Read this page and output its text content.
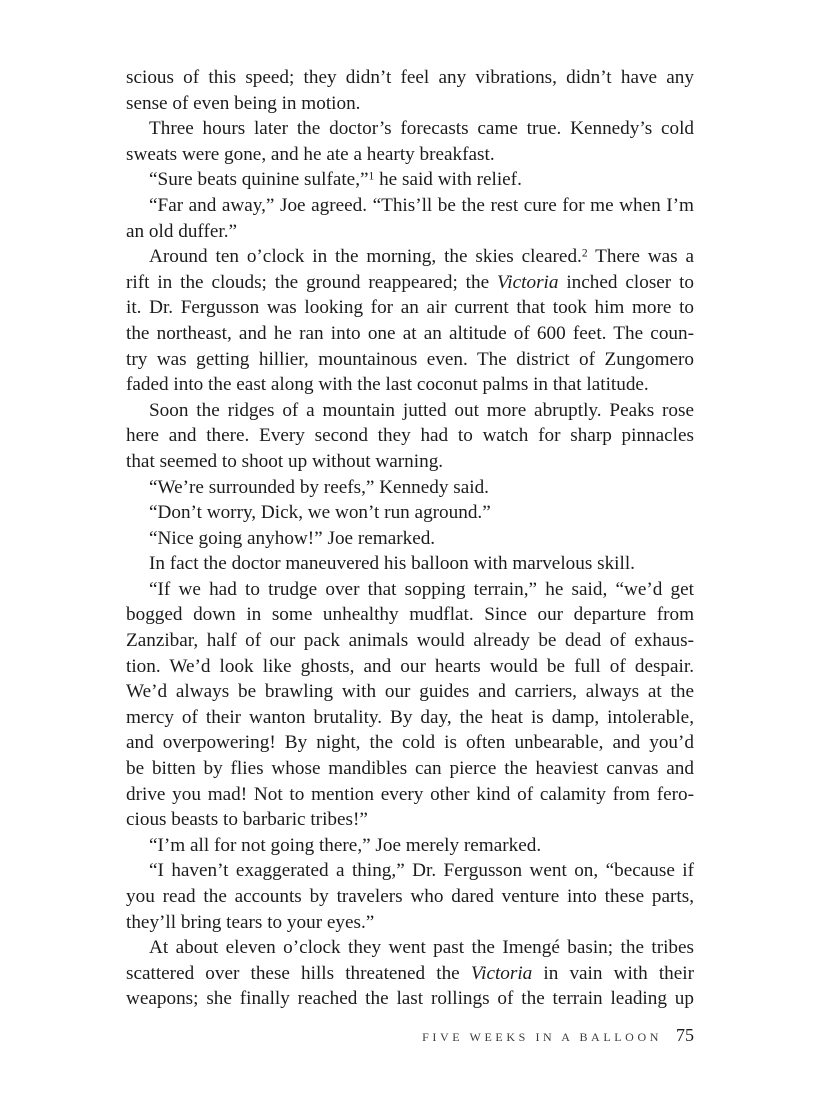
scious of this speed; they didn’t feel any vibrations, didn’t have any
sense of even being in motion.
Three hours later the doctor’s forecasts came true. Kennedy’s cold
sweats were gone, and he ate a hearty breakfast.
“Sure beats quinine sulfate,”$^1$ he said with relief.
“Far and away,” Joe agreed. “This’ll be the rest cure for me when I’m
an old duffer.”
Around ten o’clock in the morning, the skies cleared.$^2$ There was a
rift in the clouds; the ground reappeared; the Victoria inched closer to
it. Dr. Fergusson was looking for an air current that took him more to
the northeast, and he ran into one at an altitude of 600 feet. The coun-
try was getting hillier, mountainous even. The district of Zungomero
faded into the east along with the last coconut palms in that latitude.
Soon the ridges of a mountain jutted out more abruptly. Peaks rose
here and there. Every second they had to watch for sharp pinnacles
that seemed to shoot up without warning.
“We’re surrounded by reefs,” Kennedy said.
“Don’t worry, Dick, we won’t run aground.”
“Nice going anyhow!” Joe remarked.
In fact the doctor maneuvered his balloon with marvelous skill.
“If we had to trudge over that sopping terrain,” he said, “we’d get
bogged down in some unhealthy mudflat. Since our departure from
Zanzibar, half of our pack animals would already be dead of exhaus-
tion. We’d look like ghosts, and our hearts would be full of despair.
We’d always be brawling with our guides and carriers, always at the
mercy of their wanton brutality. By day, the heat is damp, intolerable,
and overpowering! By night, the cold is often unbearable, and you’d
be bitten by flies whose mandibles can pierce the heaviest canvas and
drive you mad! Not to mention every other kind of calamity from fero-
cious beasts to barbaric tribes!”
“I’m all for not going there,” Joe merely remarked.
“I haven’t exaggerated a thing,” Dr. Fergusson went on, “because if
you read the accounts by travelers who dared venture into these parts,
they’ll bring tears to your eyes.”
At about eleven o’clock they went past the Imengé basin; the tribes
scattered over these hills threatened the Victoria in vain with their
weapons; she finally reached the last rollings of the terrain leading up
FIVE WEEKS IN A BALLOON 75
